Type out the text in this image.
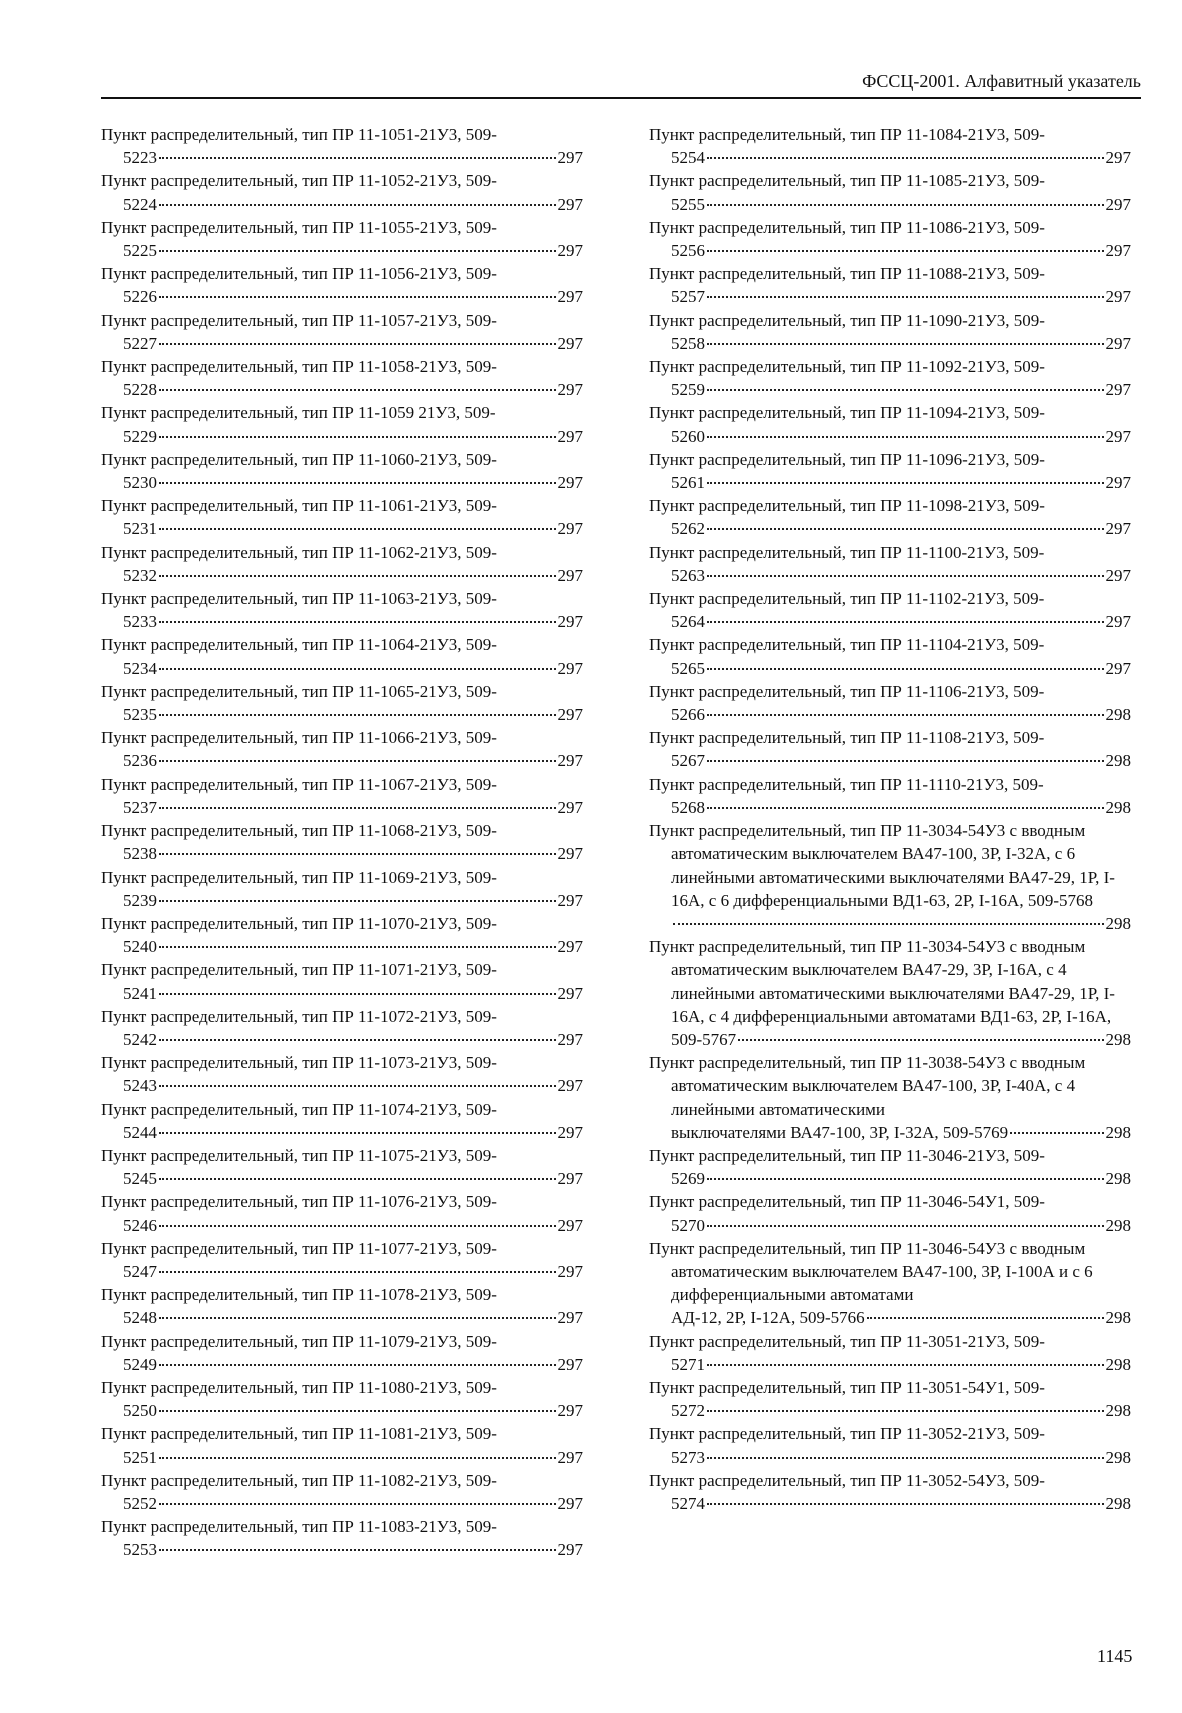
ФССЦ-2001. Алфавитный указатель
Пункт распределительный, тип ПР 11-1051-21У3, 509-
5223	297
Пункт распределительный, тип ПР 11-1052-21У3, 509-
5224	297
Пункт распределительный, тип ПР 11-1055-21У3, 509-
5225	297
Пункт распределительный, тип ПР 11-1056-21У3, 509-
5226	297
Пункт распределительный, тип ПР 11-1057-21У3, 509-
5227	297
Пункт распределительный, тип ПР 11-1058-21У3, 509-
5228	297
Пункт распределительный, тип ПР 11-1059 21У3, 509-
5229	297
Пункт распределительный, тип ПР 11-1060-21У3, 509-
5230	297
Пункт распределительный, тип ПР 11-1061-21У3, 509-
5231	297
Пункт распределительный, тип ПР 11-1062-21У3, 509-
5232	297
Пункт распределительный, тип ПР 11-1063-21У3, 509-
5233	297
Пункт распределительный, тип ПР 11-1064-21У3, 509-
5234	297
Пункт распределительный, тип ПР 11-1065-21У3, 509-
5235	297
Пункт распределительный, тип ПР 11-1066-21У3, 509-
5236	297
Пункт распределительный, тип ПР 11-1067-21У3, 509-
5237	297
Пункт распределительный, тип ПР 11-1068-21У3, 509-
5238	297
Пункт распределительный, тип ПР 11-1069-21У3, 509-
5239	297
Пункт распределительный, тип ПР 11-1070-21У3, 509-
5240	297
Пункт распределительный, тип ПР 11-1071-21У3, 509-
5241	297
Пункт распределительный, тип ПР 11-1072-21У3, 509-
5242	297
Пункт распределительный, тип ПР 11-1073-21У3, 509-
5243	297
Пункт распределительный, тип ПР 11-1074-21У3, 509-
5244	297
Пункт распределительный, тип ПР 11-1075-21У3, 509-
5245	297
Пункт распределительный, тип ПР 11-1076-21У3, 509-
5246	297
Пункт распределительный, тип ПР 11-1077-21У3, 509-
5247	297
Пункт распределительный, тип ПР 11-1078-21У3, 509-
5248	297
Пункт распределительный, тип ПР 11-1079-21У3, 509-
5249	297
Пункт распределительный, тип ПР 11-1080-21У3, 509-
5250	297
Пункт распределительный, тип ПР 11-1081-21У3, 509-
5251	297
Пункт распределительный, тип ПР 11-1082-21У3, 509-
5252	297
Пункт распределительный, тип ПР 11-1083-21У3, 509-
5253	297
Пункт распределительный, тип ПР 11-1084-21У3, 509-
5254	297
Пункт распределительный, тип ПР 11-1085-21У3, 509-
5255	297
Пункт распределительный, тип ПР 11-1086-21У3, 509-
5256	297
Пункт распределительный, тип ПР 11-1088-21У3, 509-
5257	297
Пункт распределительный, тип ПР 11-1090-21У3, 509-
5258	297
Пункт распределительный, тип ПР 11-1092-21У3, 509-
5259	297
Пункт распределительный, тип ПР 11-1094-21У3, 509-
5260	297
Пункт распределительный, тип ПР 11-1096-21У3, 509-
5261	297
Пункт распределительный, тип ПР 11-1098-21У3, 509-
5262	297
Пункт распределительный, тип ПР 11-1100-21У3, 509-
5263	297
Пункт распределительный, тип ПР 11-1102-21У3, 509-
5264	297
Пункт распределительный, тип ПР 11-1104-21У3, 509-
5265	297
Пункт распределительный, тип ПР 11-1106-21У3, 509-
5266	298
Пункт распределительный, тип ПР 11-1108-21У3, 509-
5267	298
Пункт распределительный, тип ПР 11-1110-21У3, 509-
5268	298
Пункт распределительный, тип ПР 11-3034-54У3 с вводным автоматическим выключателем ВА47-100, 3Р, I-32А, с 6 линейными автоматическими выключателями ВА47-29, 1Р, I-16А, с 6 дифференциальными ВД1-63, 2Р, I-16А, 509-5768
298
Пункт распределительный, тип ПР 11-3034-54У3 с вводным автоматическим выключателем ВА47-29, 3Р, I-16А, с 4 линейными автоматическими выключателями ВА47-29, 1Р, I-16А, с 4 дифференциальными автоматами ВД1-63, 2Р, I-16А,
509-5767	298
Пункт распределительный, тип ПР 11-3038-54У3 с вводным автоматическим выключателем ВА47-100, 3Р, I-40А, с 4 линейными автоматическими
выключателями ВА47-100, 3Р, I-32А, 509-5769	298
Пункт распределительный, тип ПР 11-3046-21У3, 509-
5269	298
Пункт распределительный, тип ПР 11-3046-54У1, 509-
5270	298
Пункт распределительный, тип ПР 11-3046-54У3 с вводным автоматическим выключателем ВА47-100, 3Р, I-100А и с 6 дифференциальными автоматами
АД-12, 2Р, I-12А, 509-5766	298
Пункт распределительный, тип ПР 11-3051-21У3, 509-
5271	298
Пункт распределительный, тип ПР 11-3051-54У1, 509-
5272	298
Пункт распределительный, тип ПР 11-3052-21У3, 509-
5273	298
Пункт распределительный, тип ПР 11-3052-54У3, 509-
5274	298
1145
